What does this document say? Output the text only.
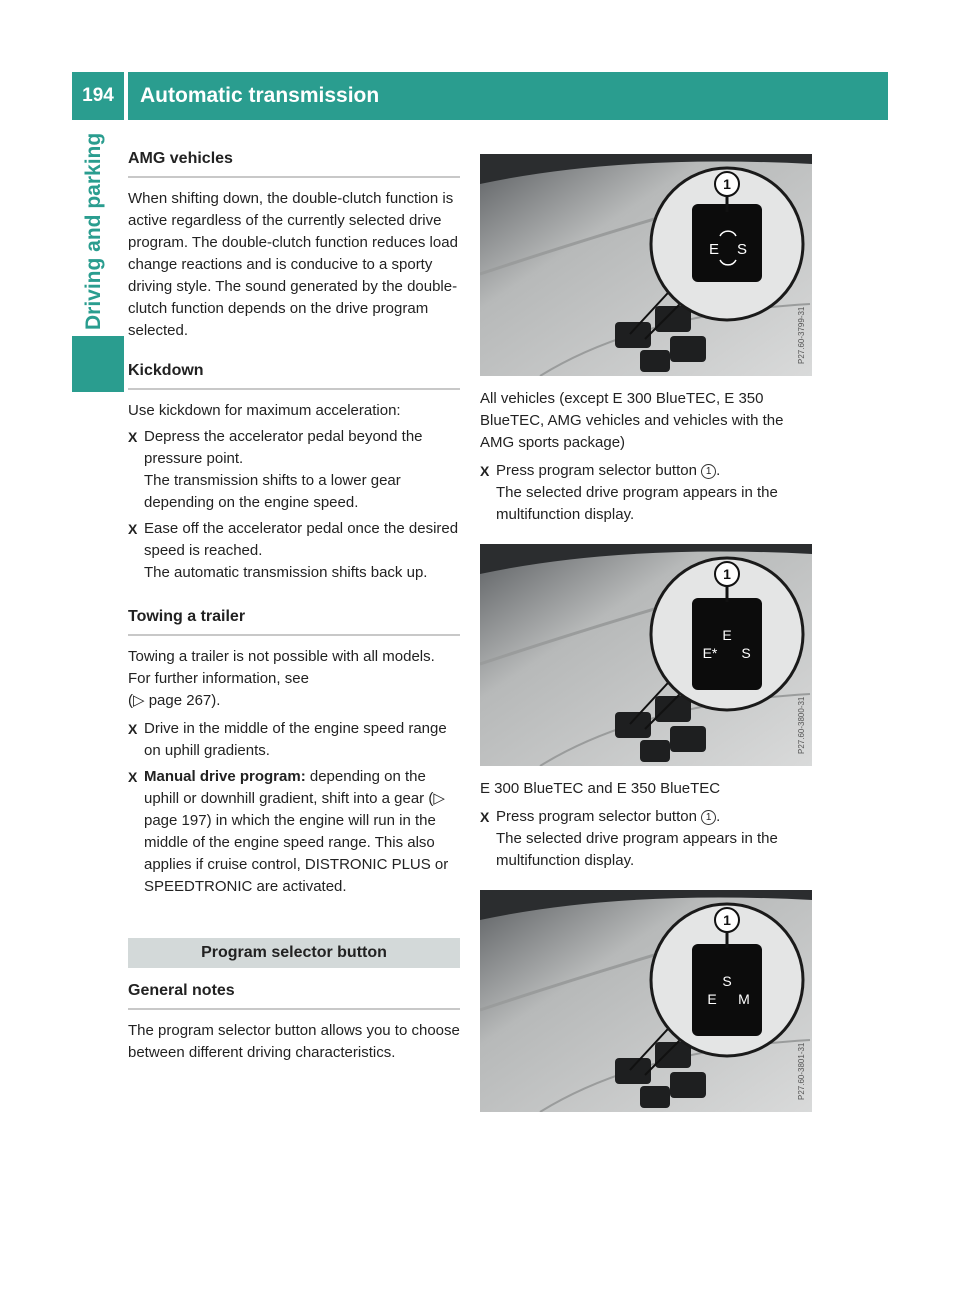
194	Automatic transmission
Driving and parking AMG vehicles

When shifting down, the double-clutch function is active regardless of the currently selected drive program. The double-clutch function reduces load change reactions and is conducive to a sporty driving style. The sound generated by the double-clutch function depends on the drive program selected.

Kickdown

Use kickdown for maximum acceleration:

X Depress the accelerator pedal beyond the pressure point.
The transmission shifts to a lower gear depending on the engine speed.
X Ease off the accelerator pedal once the desired speed is reached.
The automatic transmission shifts back up.
Towing a trailer

Towing a trailer is not possible with all models. For further information, see
(▷ page 267).

X Drive in the middle of the engine speed range on uphill gradients.
X Manual drive program: depending on the uphill or downhill gradient, shift into a gear (▷ page 197) in which the engine will run in the middle of the engine speed range. This also applies if cruise control, DISTRONIC PLUS or SPEEDTRONIC are activated.
Program selector button
General notes

The program selector button allows you to choose between different driving characteristics.

1
E S
P27.60-3799-31

All vehicles (except E 300 BlueTEC, E 350 BlueTEC, AMG vehicles and vehicles with the AMG sports package)

X Press program selector button 1 .
The selected drive program appears in the multifunction display.
1
E
E* S
P27.60-3800-31

E 300 BlueTEC and E 350 BlueTEC

X Press program selector button 1 .
The selected drive program appears in the multifunction display.
1
S
E M
P27.60-3801-31
